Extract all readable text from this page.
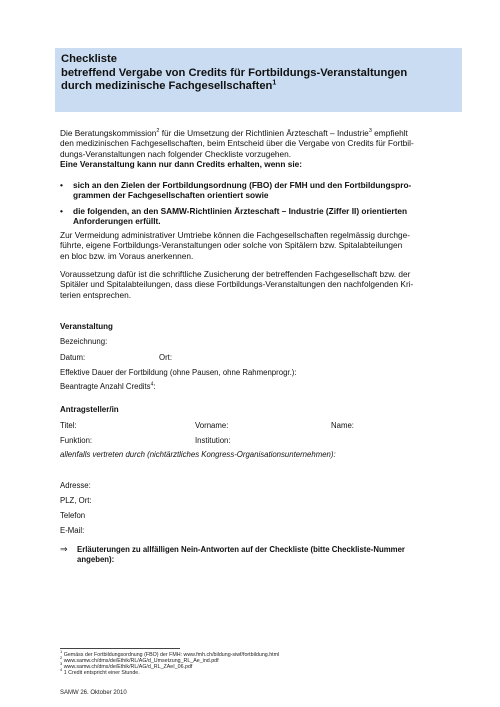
Checkliste
betreffend Vergabe von Credits für Fortbildungs-Veranstaltungen
durch medizinische Fachgesellschaften$^1$
Die Beratungskommission$^2$ für die Umsetzung der Richtlinien Ärzteschaft – Industrie$^3$ empfiehlt
den medizinischen Fachgesellschaften, beim Entscheid über die Vergabe von Credits für Fortbil-
dungs-Veranstaltungen nach folgender Checkliste vorzugehen.
Eine Veranstaltung kann nur dann Credits erhalten, wenn sie:
• sich an den Zielen der Fortbildungsordnung (FBO) der FMH und den Fortbildungspro-
grammen der Fachgesellschaften orientiert sowie
• die folgenden, an den SAMW-Richtlinien Ärzteschaft – Industrie (Ziffer II) orientierten
Anforderungen erfüllt.
Zur Vermeidung administrativer Umtriebe können die Fachgesellschaften regelmässig durchge-
führte, eigene Fortbildungs-Veranstaltungen oder solche von Spitälern bzw. Spitalabteilungen
en bloc bzw. im Voraus anerkennen.
Voraussetzung dafür ist die schriftliche Zusicherung der betreffenden Fachgesellschaft bzw. der
Spitäler und Spitalabteilungen, dass diese Fortbildungs-Veranstaltungen den nachfolgenden Kri-
terien entsprechen.
Veranstaltung
Bezeichnung:
Datum:	Ort:
Effektive Dauer der Fortbildung (ohne Pausen, ohne Rahmenprogr.):
Beantragte Anzahl Credits$^4$:
Antragsteller/in
Titel:	Vorname:	Name:
Funktion:	Institution:
allenfalls vertreten durch (nichtärztliches Kongress-Organisationsunternehmen):
Adresse:
PLZ, Ort:
Telefon
E-Mail:
⇒ Erläuterungen zu allfälligen Nein-Antworten auf der Checkliste (bitte Checkliste-Nummer
angeben):
$^1$ Gemäss der Fortbildungsordnung (FBO) der FMH: www.fmh.ch/bildung-siwf/fortbildung.html
$^2$ www.samw.ch/dms/de/Ethik/RL/AG/d_Umsetzung_RL_Ae_ind.pdf
$^3$ www.samw.ch/dms/de/Ethik/RL/AG/d_RL_ZAeI_06.pdf
$^4$ 1 Credit entspricht einer Stunde.
SAMW 26. Oktober 2010
